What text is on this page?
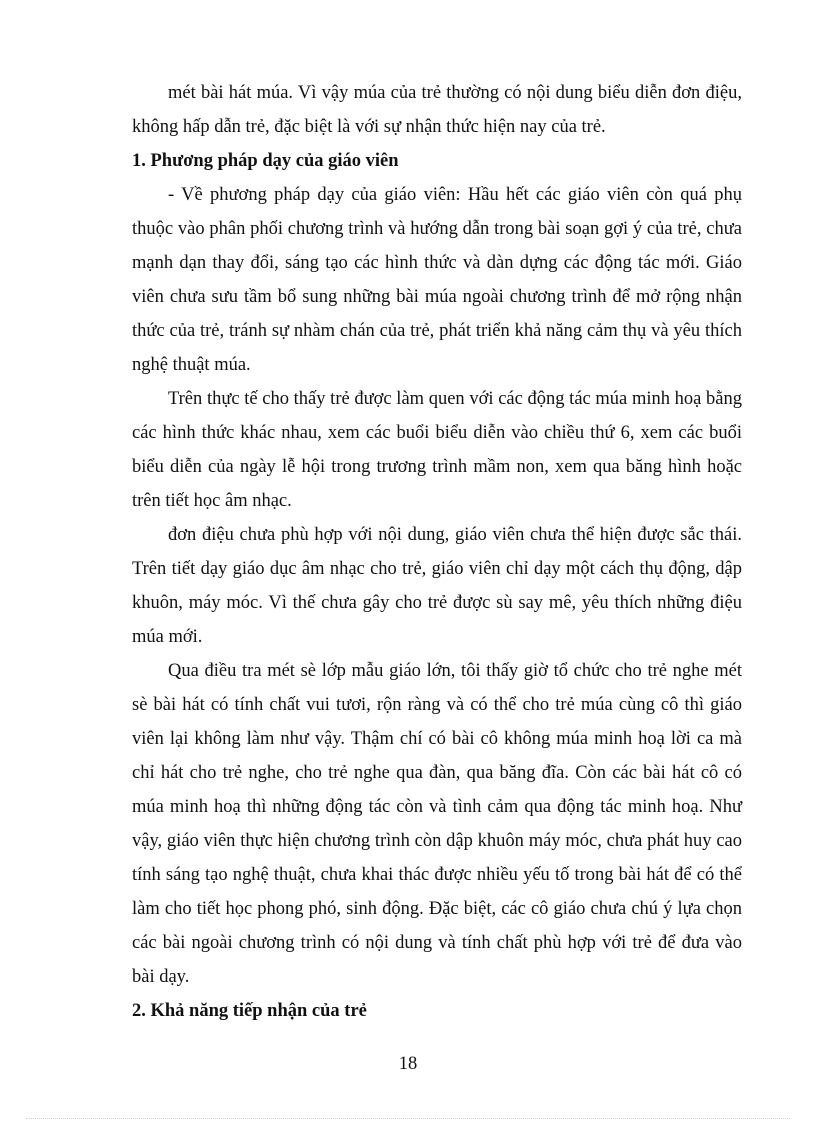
mét bài hát múa. Vì vậy múa của trẻ thường có nội dung biểu diễn đơn điệu, không hấp dẫn trẻ, đặc biệt là với sự nhận thức hiện nay của trẻ.

1. Phương pháp dạy của giáo viên

- Về phương pháp dạy của giáo viên: Hầu hết các giáo viên còn quá phụ thuộc vào phân phối chương trình và hướng dẫn trong bài soạn gợi ý của trẻ, chưa mạnh dạn thay đổi, sáng tạo các hình thức và dàn dựng các động tác mới. Giáo viên chưa sưu tầm bổ sung những bài múa ngoài chương trình để mở rộng nhận thức của trẻ, tránh sự nhàm chán của trẻ, phát triển khả năng cảm thụ và yêu thích nghệ thuật múa.

Trên thực tế cho thấy trẻ được làm quen với các động tác múa minh hoạ bằng các hình thức khác nhau, xem các buổi biểu diễn vào chiều thứ 6, xem các buổi biểu diễn của ngày lễ hội trong trương trình mầm non, xem qua băng hình hoặc trên tiết học âm nhạc.

đơn điệu chưa phù hợp với nội dung, giáo viên chưa thể hiện được sắc thái. Trên tiết dạy giáo dục âm nhạc cho trẻ, giáo viên chỉ dạy một cách thụ động, dập khuôn, máy móc. Vì thế chưa gây cho trẻ được sù say mê, yêu thích những điệu múa mới.

Qua điều tra mét sè lớp mẫu giáo lớn, tôi thấy giờ tổ chức cho trẻ nghe mét sè bài hát có tính chất vui tươi, rộn ràng và có thể cho trẻ múa cùng cô thì giáo viên lại không làm như vậy. Thậm chí có bài cô không múa minh hoạ lời ca mà chỉ hát cho trẻ nghe, cho trẻ nghe qua đàn, qua băng đĩa. Còn các bài hát cô có múa minh hoạ thì những động tác còn và tình cảm qua động tác minh hoạ. Như vậy, giáo viên thực hiện chương trình còn dập khuôn máy móc, chưa phát huy cao tính sáng tạo nghệ thuật, chưa khai thác được nhiều yếu tố trong bài hát để có thể làm cho tiết học phong phó, sinh động. Đặc biệt, các cô giáo chưa chú ý lựa chọn các bài ngoài chương trình có nội dung và tính chất phù hợp với trẻ để đưa vào bài dạy.

2. Khả năng tiếp nhận của trẻ

18
